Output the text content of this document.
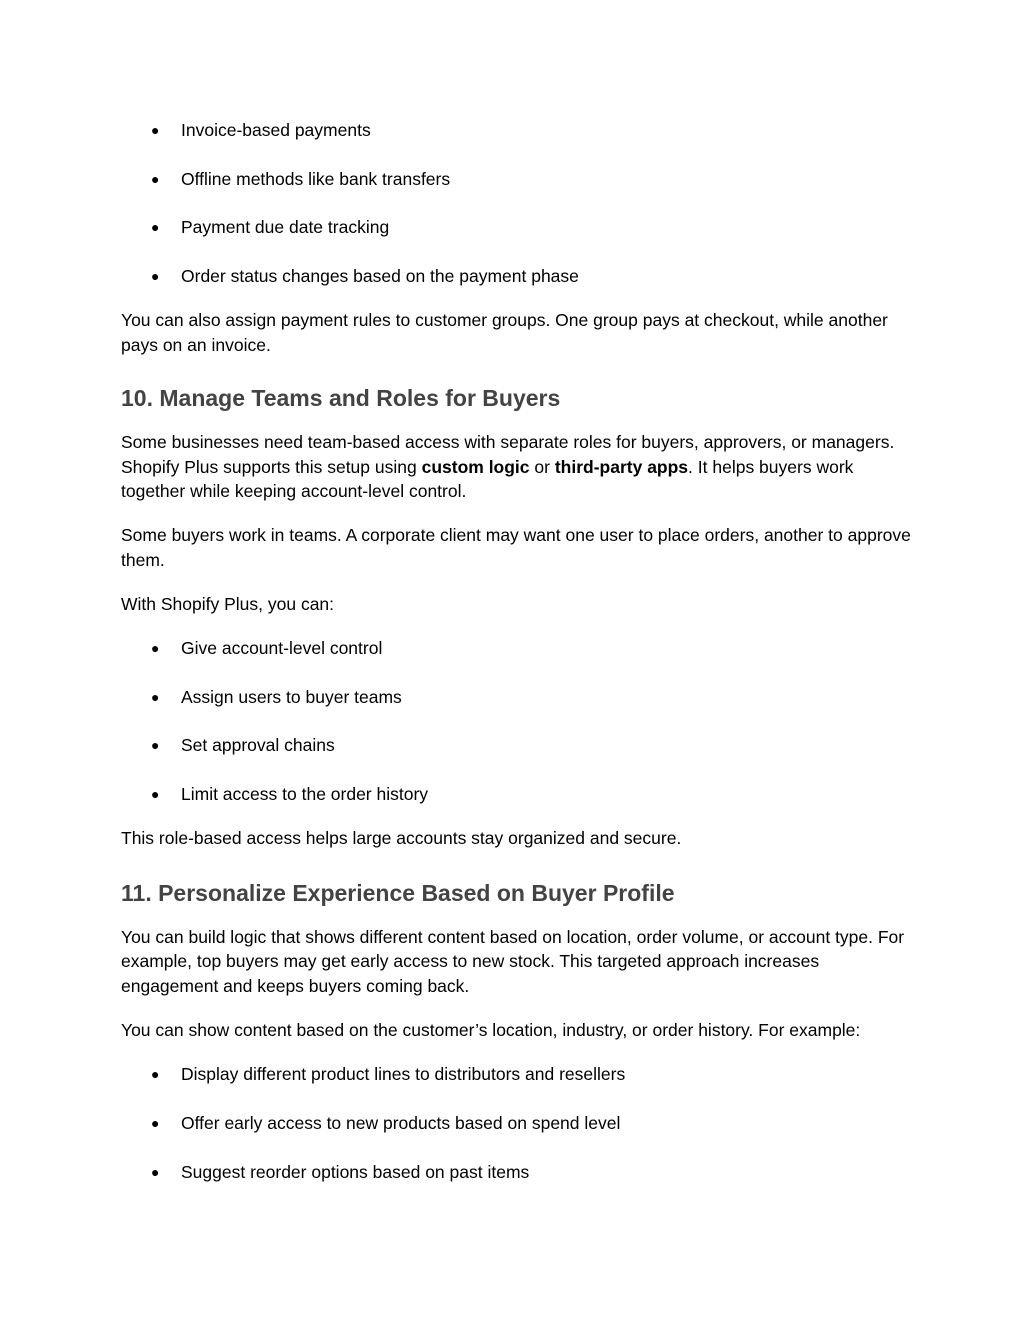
● Invoice-based payments
● Offline methods like bank transfers
● Payment due date tracking
● Order status changes based on the payment phase

You can also assign payment rules to customer groups. One group pays at checkout, while another pays on an invoice.

10. Manage Teams and Roles for Buyers

Some businesses need team-based access with separate roles for buyers, approvers, or managers. Shopify Plus supports this setup using custom logic or third-party apps. It helps buyers work together while keeping account-level control.

Some buyers work in teams. A corporate client may want one user to place orders, another to approve them.

With Shopify Plus, you can:

● Give account-level control
● Assign users to buyer teams
● Set approval chains
● Limit access to the order history

This role-based access helps large accounts stay organized and secure.

11. Personalize Experience Based on Buyer Profile

You can build logic that shows different content based on location, order volume, or account type. For example, top buyers may get early access to new stock. This targeted approach increases engagement and keeps buyers coming back.

You can show content based on the customer’s location, industry, or order history. For example:

● Display different product lines to distributors and resellers
● Offer early access to new products based on spend level
● Suggest reorder options based on past items
